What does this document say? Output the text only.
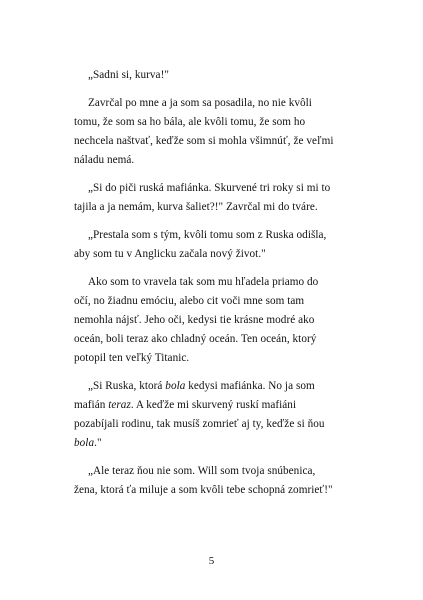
„Sadni si, kurva!"

Zavrčal po mne a ja som sa posadila, no nie kvôli
tomu, že som sa ho bála, ale kvôli tomu, že som ho
nechcela naštvať, keďže som si mohla všimnúť, že veľmi
náladu nemá.

„Si do piči ruská mafiánka. Skurvené tri roky si mi to
tajila a ja nemám, kurva šaliet?!" Zavrčal mi do tváre.

„Prestala som s tým, kvôli tomu som z Ruska odišla,
aby som tu v Anglicku začala nový život."

Ako som to vravela tak som mu hľadela priamo do
očí, no žiadnu emóciu, alebo cit voči mne som tam
nemohla nájsť. Jeho oči, kedysi tie krásne modré ako
oceán, boli teraz ako chladný oceán. Ten oceán, ktorý
potopil ten veľký Titanic.

„Si Ruska, ktorá bola kedysi mafiánka. No ja som
mafián teraz. A keďže mi skurvený ruskí mafiáni
pozabíjali rodinu, tak musíš zomrieť aj ty, keďže si ňou
bola."

„Ale teraz ňou nie som. Will som tvoja snúbenica,
žena, ktorá ťa miluje a som kvôli tebe schopná zomrieť!"

5
